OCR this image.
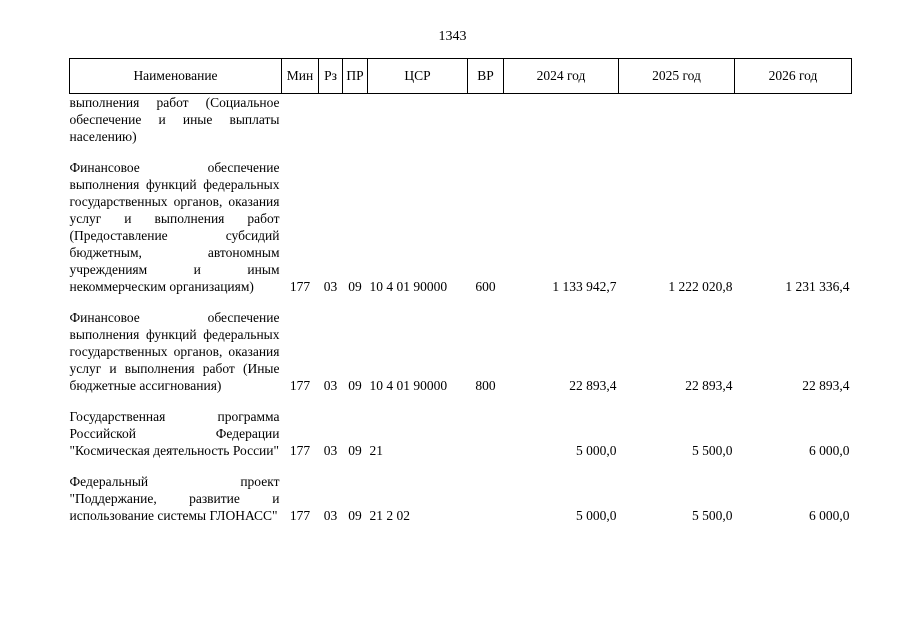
1343
Наименование	Мин	Рз	ПР	ЦСР	ВР	2024 год	2025 год	2026 год
выполнения работ (Социальное обеспечение и иные выплаты населению)								

Финансовое обеспечение выполнения функций федеральных государственных органов, оказания услуг и выполнения работ (Предоставление субсидий бюджетным, автономным учреждениям и иным некоммерческим организациям)	177	03	09	10 4 01 90000	600	1 133 942,7	1 222 020,8	1 231 336,4

Финансовое обеспечение выполнения функций федеральных государственных органов, оказания услуг и выполнения работ (Иные бюджетные ассигнования)	177	03	09	10 4 01 90000	800	22 893,4	22 893,4	22 893,4

Государственная программа Российской Федерации "Космическая деятельность России"	177	03	09	21		5 000,0	5 500,0	6 000,0

Федеральный проект "Поддержание, развитие и использование системы ГЛОНАСС"	177	03	09	21 2 02		5 000,0	5 500,0	6 000,0
